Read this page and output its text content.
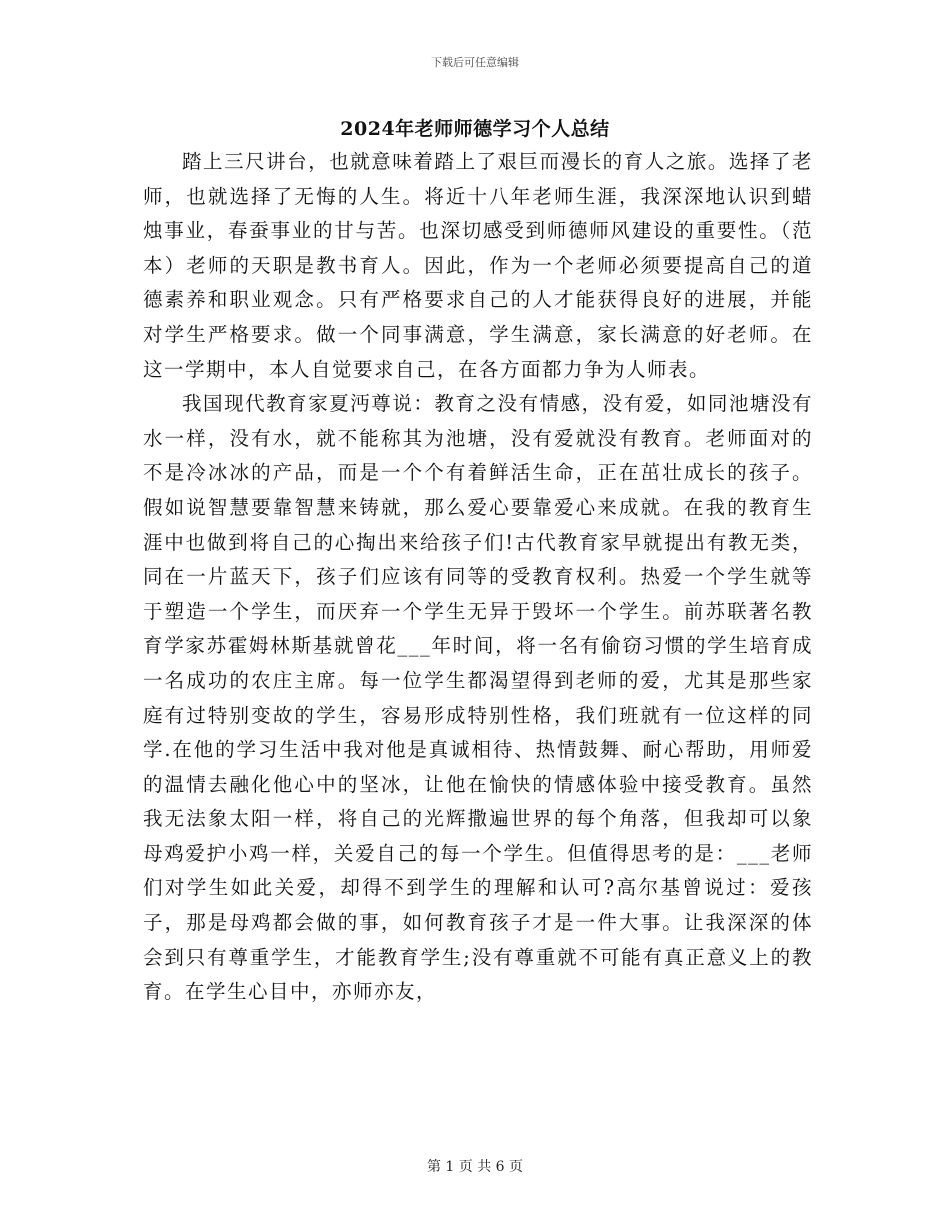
下载后可任意编辑
2024年老师师德学习个人总结

踏上三尺讲台，也就意味着踏上了艰巨而漫长的育人之旅。选择了老师，也就选择了无悔的人生。将近十八年老师生涯，我深深地认识到蜡烛事业，春蚕事业的甘与苦。也深切感受到师德师风建设的重要性。（范本）老师的天职是教书育人。因此，作为一个老师必须要提高自己的道德素养和职业观念。只有严格要求自己的人才能获得良好的进展，并能对学生严格要求。做一个同事满意，学生满意，家长满意的好老师。在这一学期中，本人自觉要求自己，在各方面都力争为人师表。

我国现代教育家夏沔尊说：教育之没有情感，没有爱，如同池塘没有水一样，没有水，就不能称其为池塘，没有爱就没有教育。老师面对的不是冷冰冰的产品，而是一个个有着鲜活生命，正在茁壮成长的孩子。假如说智慧要靠智慧来铸就，那么爱心要靠爱心来成就。在我的教育生涯中也做到将自己的心掏出来给孩子们!古代教育家早就提出有教无类，同在一片蓝天下，孩子们应该有同等的受教育权利。热爱一个学生就等于塑造一个学生，而厌弃一个学生无异于毁坏一个学生。前苏联著名教育学家苏霍姆林斯基就曾花___年时间，将一名有偷窃习惯的学生培育成一名成功的农庄主席。每一位学生都渴望得到老师的爱，尤其是那些家庭有过特别变故的学生，容易形成特别性格，我们班就有一位这样的同学.在他的学习生活中我对他是真诚相待、热情鼓舞、耐心帮助，用师爱的温情去融化他心中的坚冰，让他在愉快的情感体验中接受教育。虽然我无法象太阳一样，将自己的光辉撒遍世界的每个角落，但我却可以象母鸡爱护小鸡一样，关爱自己的每一个学生。但值得思考的是：___老师们对学生如此关爱，却得不到学生的理解和认可?高尔基曾说过：爱孩子，那是母鸡都会做的事，如何教育孩子才是一件大事。让我深深的体会到只有尊重学生，才能教育学生;没有尊重就不可能有真正意义上的教育。在学生心目中，亦师亦友，

第 1 页 共 6 页
